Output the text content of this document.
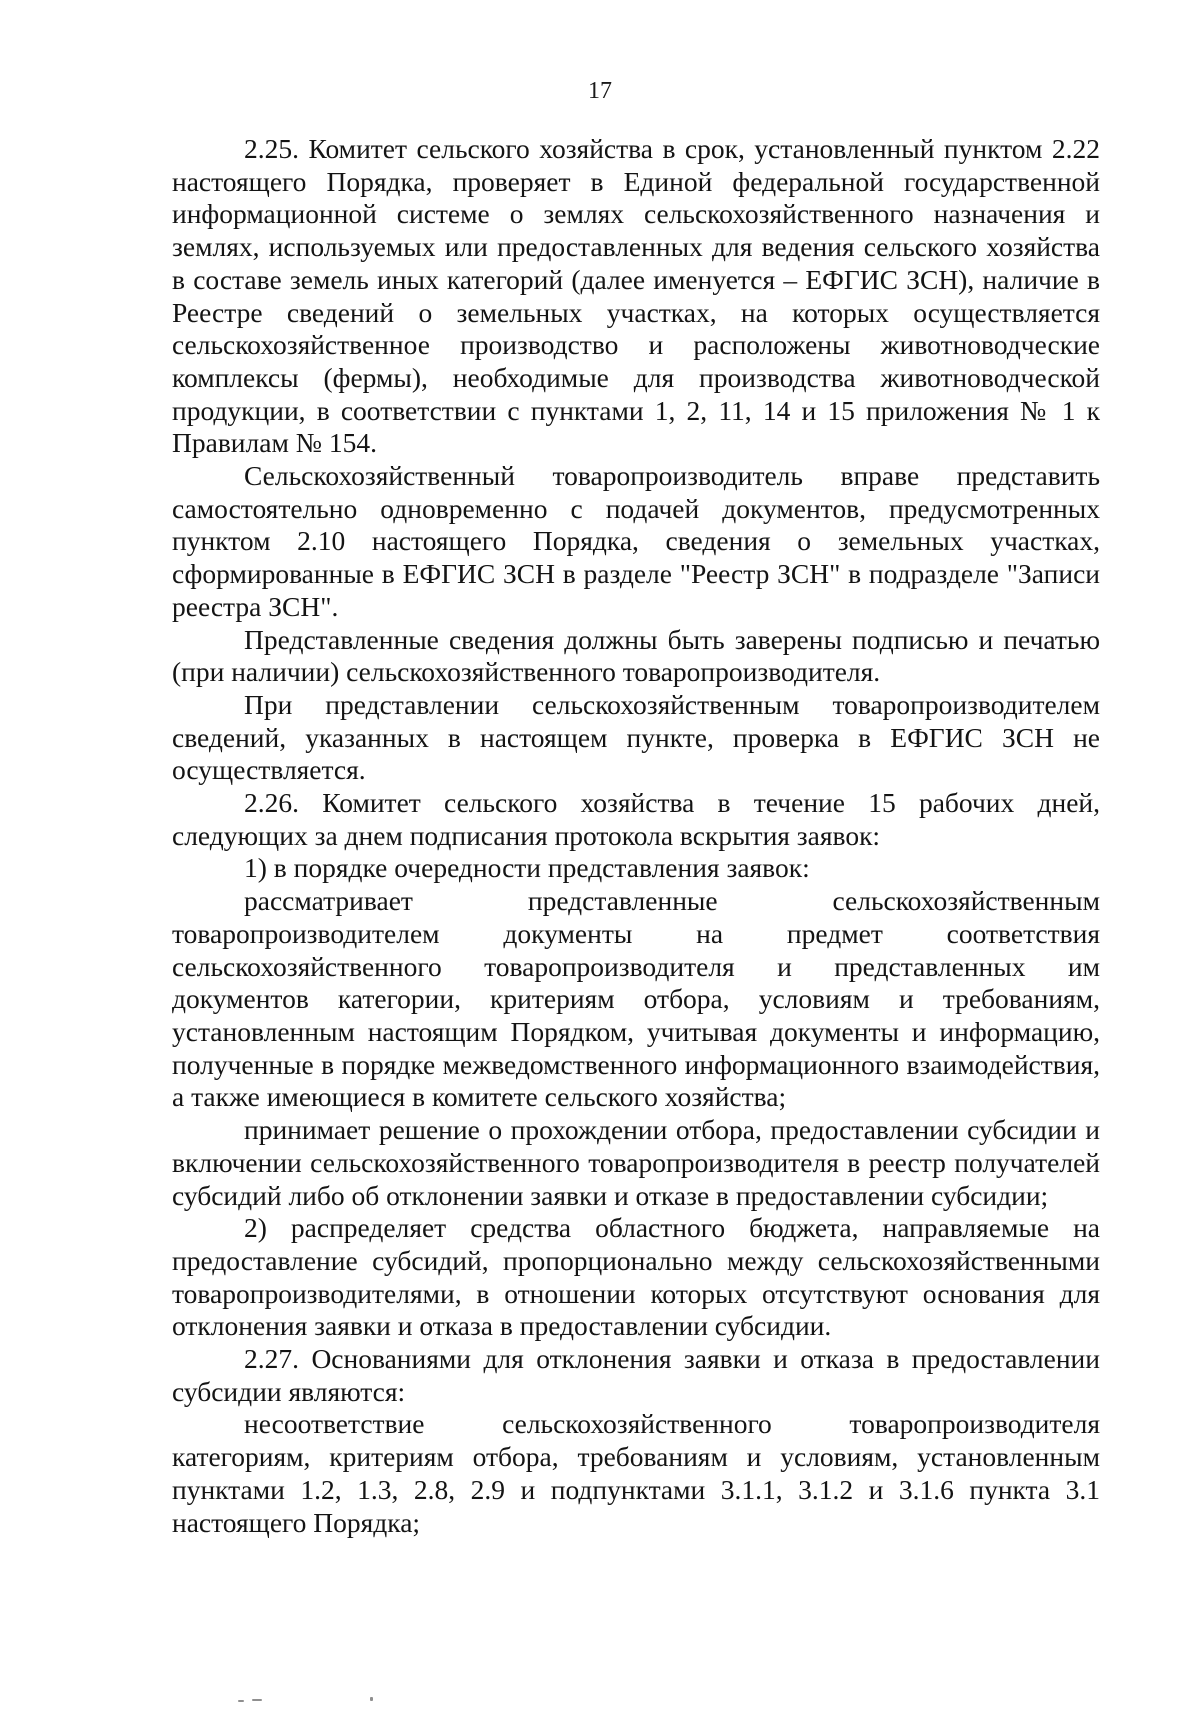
17

2.25. Комитет сельского хозяйства в срок, установленный пунктом 2.22 настоящего Порядка, проверяет в Единой федеральной государственной информационной системе о землях сельскохозяйственного назначения и землях, используемых или предоставленных для ведения сельского хозяйства в составе земель иных категорий (далее именуется – ЕФГИС ЗСН), наличие в Реестре сведений о земельных участках, на которых осуществляется сельскохозяйственное производство и расположены животноводческие комплексы (фермы), необходимые для производства животноводческой продукции, в соответствии с пунктами 1, 2, 11, 14 и 15 приложения № 1 к Правилам № 154.

Сельскохозяйственный товаропроизводитель вправе представить самостоятельно одновременно с подачей документов, предусмотренных пунктом 2.10 настоящего Порядка, сведения о земельных участках, сформированные в ЕФГИС ЗСН в разделе "Реестр ЗСН" в подразделе "Записи реестра ЗСН".

Представленные сведения должны быть заверены подписью и печатью (при наличии) сельскохозяйственного товаропроизводителя.

При представлении сельскохозяйственным товаропроизводителем сведений, указанных в настоящем пункте, проверка в ЕФГИС ЗСН не осуществляется.

2.26. Комитет сельского хозяйства в течение 15 рабочих дней, следующих за днем подписания протокола вскрытия заявок:

1) в порядке очередности представления заявок:

рассматривает представленные сельскохозяйственным товаропроизводителем документы на предмет соответствия сельскохозяйственного товаропроизводителя и представленных им документов категории, критериям отбора, условиям и требованиям, установленным настоящим Порядком, учитывая документы и информацию, полученные в порядке межведомственного информационного взаимодействия, а также имеющиеся в комитете сельского хозяйства;

принимает решение о прохождении отбора, предоставлении субсидии и включении сельскохозяйственного товаропроизводителя в реестр получателей субсидий либо об отклонении заявки и отказе в предоставлении субсидии;

2) распределяет средства областного бюджета, направляемые на предоставление субсидий, пропорционально между сельскохозяйственными товаропроизводителями, в отношении которых отсутствуют основания для отклонения заявки и отказа в предоставлении субсидии.

2.27. Основаниями для отклонения заявки и отказа в предоставлении субсидии являются:

несоответствие сельскохозяйственного товаропроизводителя категориям, критериям отбора, требованиям и условиям, установленным пунктами 1.2, 1.3, 2.8, 2.9 и подпунктами 3.1.1, 3.1.2 и 3.1.6 пункта 3.1 настоящего Порядка;
